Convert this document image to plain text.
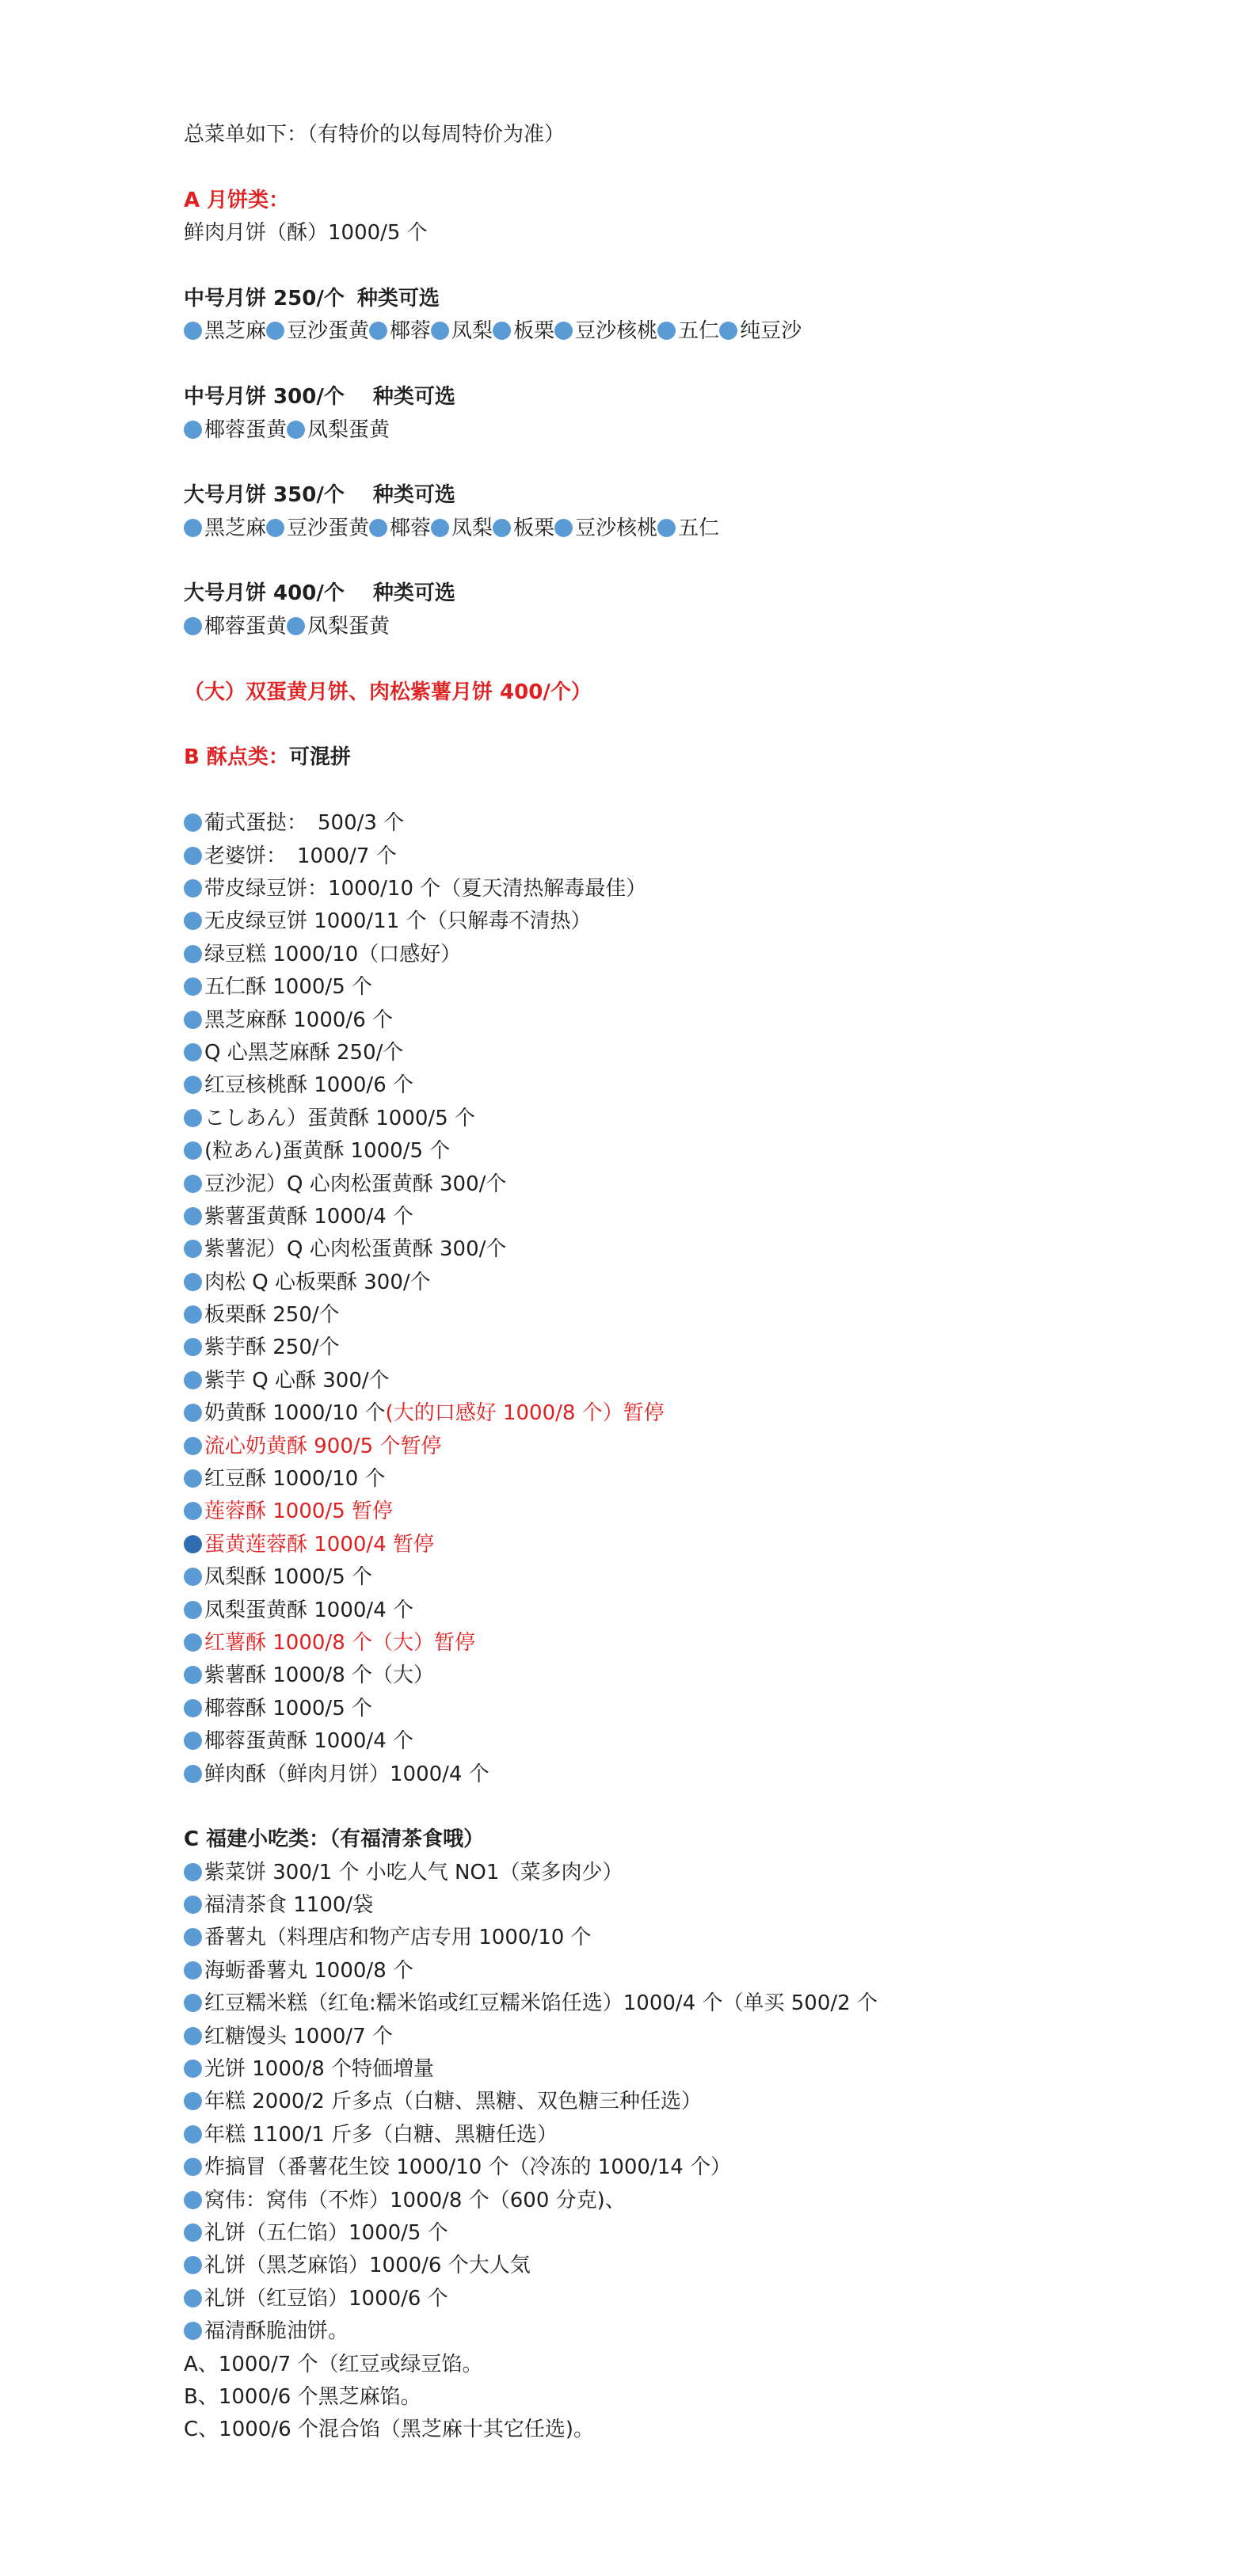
总菜单如下：（有特价的以每周特价为准）
A 月饼类：
鲜肉月饼（酥）1000/5 个
中号月饼 250/个 种类可选
黑芝麻 豆沙蛋黄 椰蓉 凤梨 板栗 豆沙核桃 五仁 纯豆沙
中号月饼 300/个 种类可选
椰蓉蛋黄 凤梨蛋黄
大号月饼 350/个 种类可选
黑芝麻 豆沙蛋黄 椰蓉 凤梨 板栗 豆沙核桃 五仁
大号月饼 400/个 种类可选
椰蓉蛋黄 凤梨蛋黄
（大）双蛋黄月饼、肉松紫薯月饼 400/个）
B 酥点类：可混拼
葡式蛋挞：　500/3 个
老婆饼：　1000/7 个
带皮绿豆饼：1000/10 个（夏天清热解毒最佳）
无皮绿豆饼 1000/11 个（只解毒不清热）
绿豆糕 1000/10（口感好）
五仁酥 1000/5 个
黑芝麻酥 1000/6 个
Q 心黑芝麻酥 250/个
红豆核桃酥 1000/6 个
こしあん）蛋黄酥 1000/5 个
(粒あん)蛋黄酥 1000/5 个
豆沙泥）Q 心肉松蛋黄酥 300/个
紫薯蛋黄酥 1000/4 个
紫薯泥）Q 心肉松蛋黄酥 300/个
肉松 Q 心板栗酥 300/个
板栗酥 250/个
紫芋酥 250/个
紫芋 Q 心酥 300/个
奶黄酥 1000/10 个(大的口感好 1000/8 个）暂停
流心奶黄酥 900/5 个暂停
红豆酥 1000/10 个
莲蓉酥 1000/5 暂停
蛋黄莲蓉酥 1000/4 暂停
凤梨酥 1000/5 个
凤梨蛋黄酥 1000/4 个
红薯酥 1000/8 个（大）暂停
紫薯酥 1000/8 个（大）
椰蓉酥 1000/5 个
椰蓉蛋黄酥 1000/4 个
鲜肉酥（鲜肉月饼）1000/4 个
C 福建小吃类：（有福清茶食哦）
紫菜饼 300/1 个 小吃人气 NO1（菜多肉少）
福清茶食 1100/袋
番薯丸（料理店和物产店专用 1000/10 个
海蛎番薯丸 1000/8 个
红豆糯米糕（红龟:糯米馅或红豆糯米馅任选）1000/4 个（单买 500/2 个
红糖馒头 1000/7 个
光饼 1000/8 个特価増量
年糕 2000/2 斤多点（白糖、黑糖、双色糖三种任选）
年糕 1100/1 斤多（白糖、黑糖任选）
炸搞冒（番薯花生饺 1000/10 个（冷冻的 1000/14 个）
窝伟：窝伟（不炸）1000/8 个（600 分克)、
礼饼（五仁馅）1000/5 个
礼饼（黑芝麻馅）1000/6 个大人気
礼饼（红豆馅）1000/6 个
福清酥脆油饼。
A、1000/7 个（红豆或绿豆馅。
B、1000/6 个黑芝麻馅。
C、1000/6 个混合馅（黑芝麻十其它任选)。
